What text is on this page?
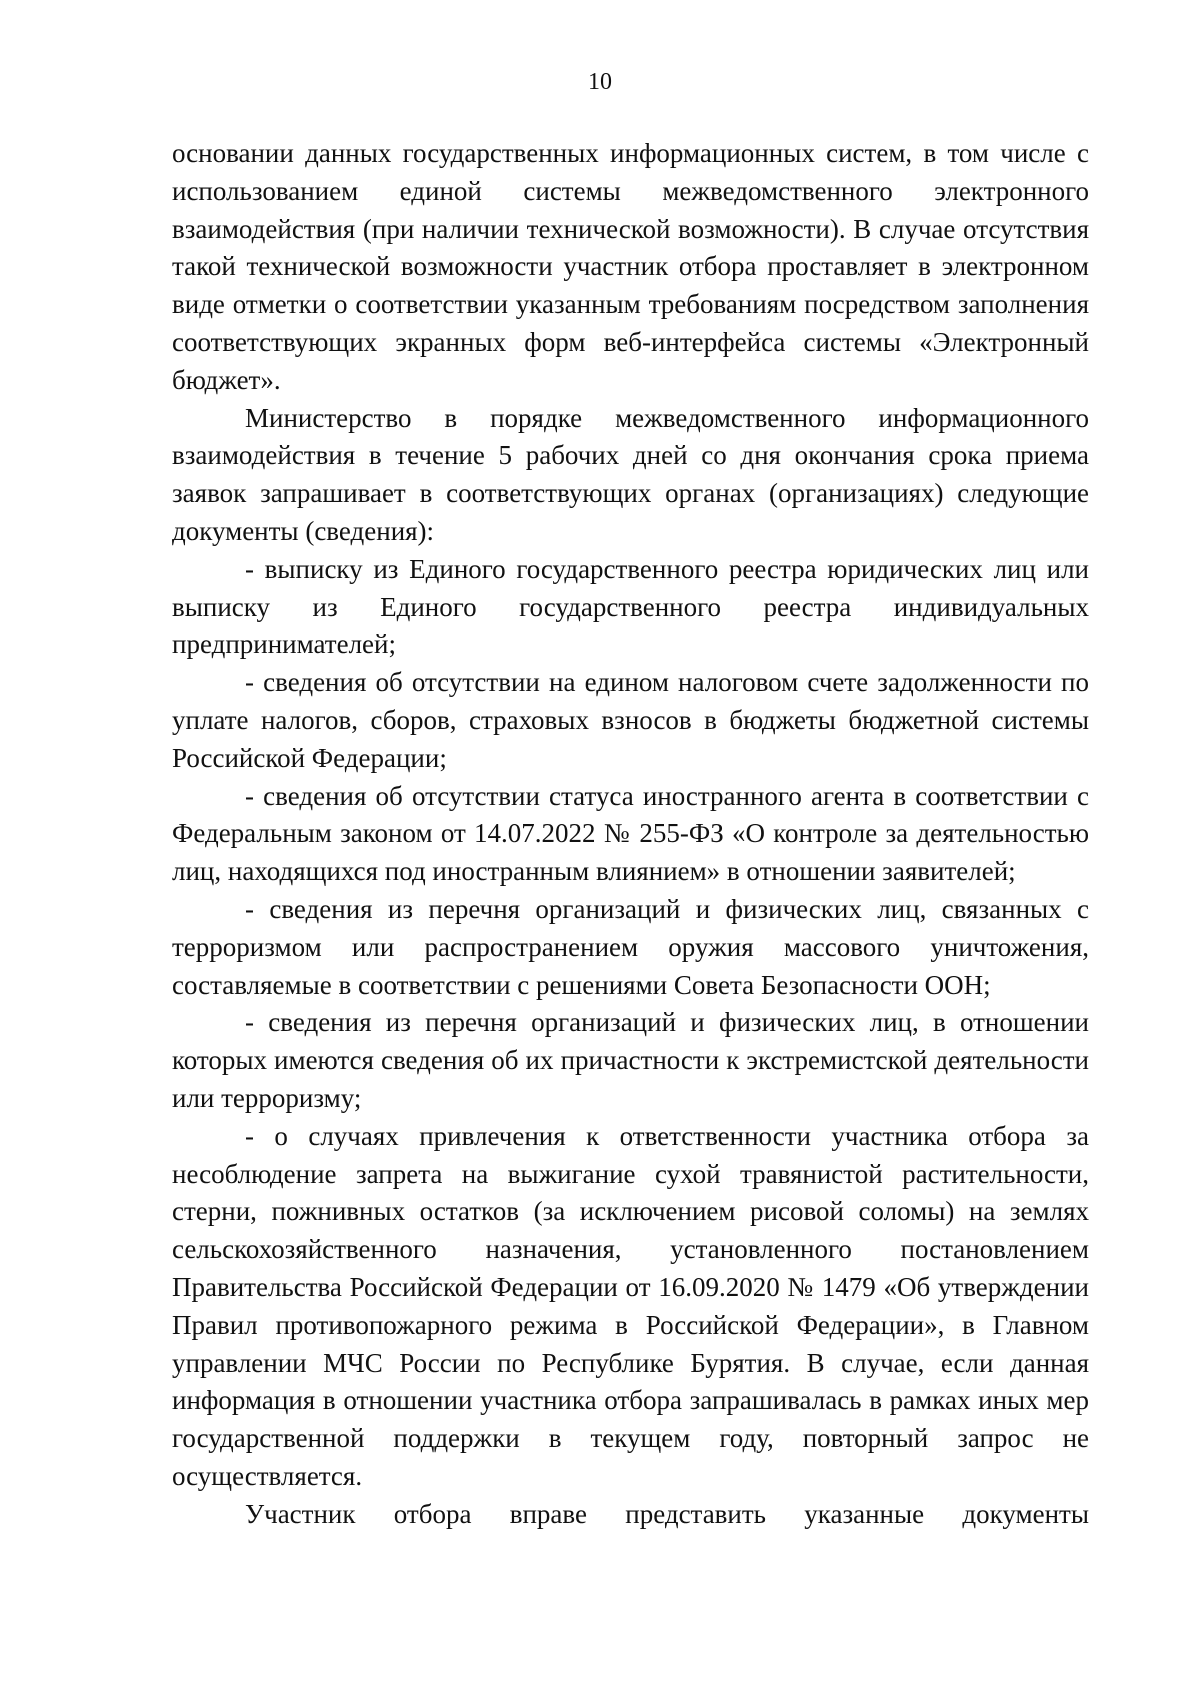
10

основании данных государственных информационных систем, в том числе с использованием единой системы межведомственного электронного взаимодействия (при наличии технической возможности). В случае отсутствия такой технической возможности участник отбора проставляет в электронном виде отметки о соответствии указанным требованиям посредством заполнения соответствующих экранных форм веб-интерфейса системы «Электронный бюджет».

Министерство в порядке межведомственного информационного взаимодействия в течение 5 рабочих дней со дня окончания срока приема заявок запрашивает в соответствующих органах (организациях) следующие документы (сведения):

- выписку из Единого государственного реестра юридических лиц или выписку из Единого государственного реестра индивидуальных предпринимателей;

- сведения об отсутствии на едином налоговом счете задолженности по уплате налогов, сборов, страховых взносов в бюджеты бюджетной системы Российской Федерации;

- сведения об отсутствии статуса иностранного агента в соответствии с Федеральным законом от 14.07.2022 № 255-ФЗ «О контроле за деятельностью лиц, находящихся под иностранным влиянием» в отношении заявителей;

- сведения из перечня организаций и физических лиц, связанных с терроризмом или распространением оружия массового уничтожения, составляемые в соответствии с решениями Совета Безопасности ООН;

- сведения из перечня организаций и физических лиц, в отношении которых имеются сведения об их причастности к экстремистской деятельности или терроризму;

- о случаях привлечения к ответственности участника отбора за несоблюдение запрета на выжигание сухой травянистой растительности, стерни, пожнивных остатков (за исключением рисовой соломы) на землях сельскохозяйственного назначения, установленного постановлением Правительства Российской Федерации от 16.09.2020 № 1479 «Об утверждении Правил противопожарного режима в Российской Федерации», в Главном управлении МЧС России по Республике Бурятия. В случае, если данная информация в отношении участника отбора запрашивалась в рамках иных мер государственной поддержки в текущем году, повторный запрос не осуществляется.

Участник отбора вправе представить указанные документы
